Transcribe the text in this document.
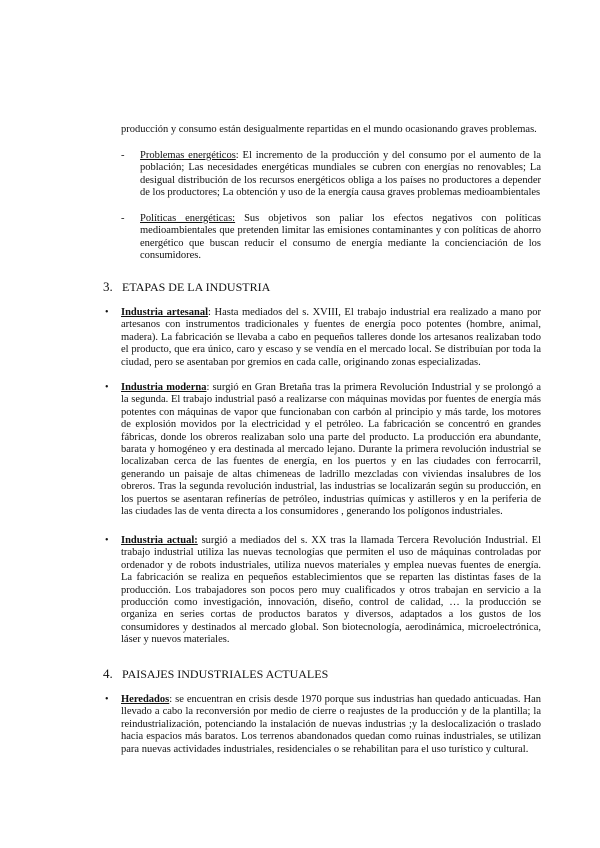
producción y consumo están desigualmente repartidas en el mundo ocasionando graves problemas.
- Problemas energéticos: El incremento de la producción y del consumo por el aumento de la población; Las necesidades energéticas mundiales se cubren con energías no renovables; La desigual distribución de los recursos energéticos obliga a los países no productores a depender de los productores; La obtención y uso de la energía causa graves problemas medioambientales
- Políticas energéticas: Sus objetivos son paliar los efectos negativos con políticas medioambientales que pretenden limitar las emisiones contaminantes y con políticas de ahorro energético que buscan reducir el consumo de energía mediante la concienciación de los consumidores.
3. ETAPAS DE LA INDUSTRIA
• Industria artesanal: Hasta mediados del s. XVIII, El trabajo industrial era realizado a mano por artesanos con instrumentos tradicionales y fuentes de energía poco potentes (hombre, animal, madera). La fabricación se llevaba a cabo en pequeños talleres donde los artesanos realizaban todo el producto, que era único, caro y escaso y se vendía en el mercado local. Se distribuían por toda la ciudad, pero se asentaban por gremios en cada calle, originando zonas especializadas.
• Industria moderna: surgió en Gran Bretaña tras la primera Revolución Industrial y se prolongó a la segunda. El trabajo industrial pasó a realizarse con máquinas movidas por fuentes de energía más potentes con máquinas de vapor que funcionaban con carbón al principio y más tarde, los motores de explosión movidos por la electricidad y el petróleo. La fabricación se concentró en grandes fábricas, donde los obreros realizaban solo una parte del producto. La producción era abundante, barata y homogéneo y era destinada al mercado lejano. Durante la primera revolución industrial se localizaban cerca de las fuentes de energía, en los puertos y en las ciudades con ferrocarril, generando un paisaje de altas chimeneas de ladrillo mezcladas con viviendas insalubres de los obreros. Tras la segunda revolución industrial, las industrias se localizarán según su producción, en los puertos se asentaran refinerías de petróleo, industrias químicas y astilleros y en la periferia de las ciudades las de venta directa a los consumidores , generando los polígonos industriales.
• Industria actual: surgió a mediados del s. XX tras la llamada Tercera Revolución Industrial. El trabajo industrial utiliza las nuevas tecnologías que permiten el uso de máquinas controladas por ordenador y de robots industriales, utiliza nuevos materiales y emplea nuevas fuentes de energía. La fabricación se realiza en pequeños establecimientos que se reparten las distintas fases de la producción. Los trabajadores son pocos pero muy cualificados y otros trabajan en servicio a la producción como investigación, innovación, diseño, control de calidad, … la producción se organiza en series cortas de productos baratos y diversos, adaptados a los gustos de los consumidores y destinados al mercado global. Son biotecnología, aerodinámica, microelectrónica, láser y nuevos materiales.
4. PAISAJES INDUSTRIALES ACTUALES
• Heredados: se encuentran en crisis desde 1970 porque sus industrias han quedado anticuadas. Han llevado a cabo la reconversión por medio de cierre o reajustes de la producción y de la plantilla; la reindustrialización, potenciando la instalación de nuevas industrias ;y la deslocalización o traslado hacia espacios más baratos. Los terrenos abandonados quedan como ruinas industriales, se utilizan para nuevas actividades industriales, residenciales o se rehabilitan para el uso turístico y cultural.
